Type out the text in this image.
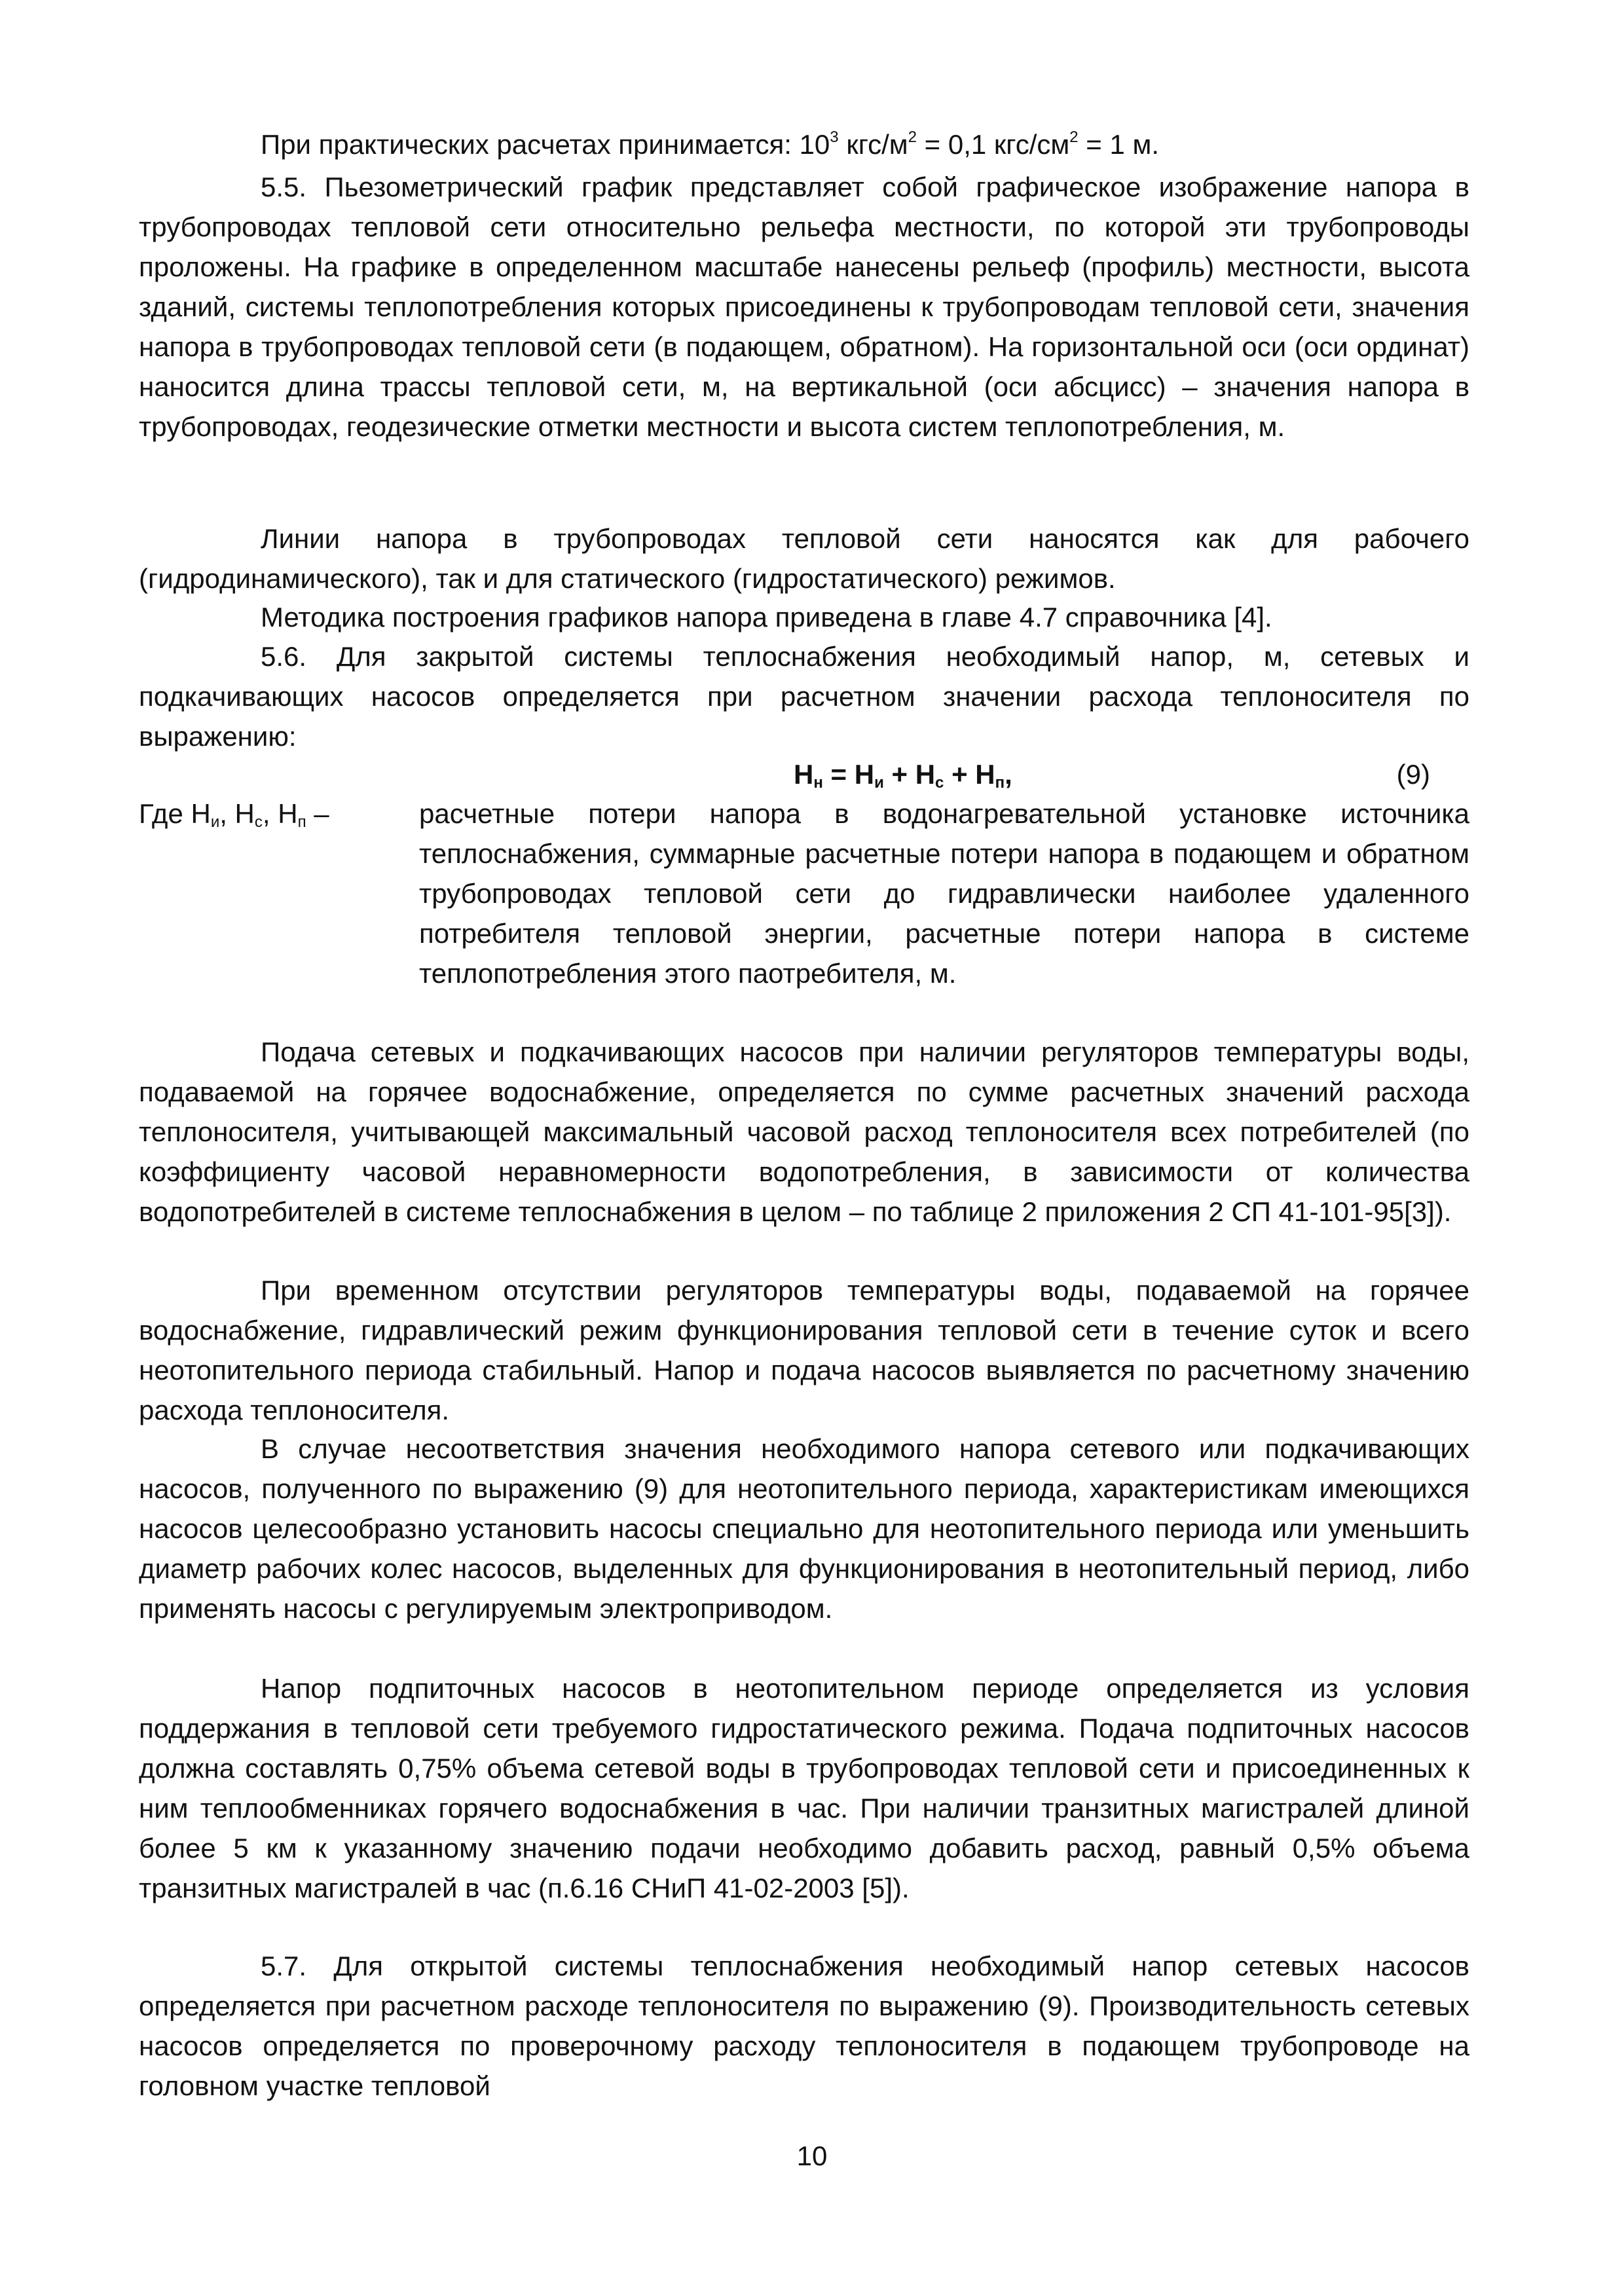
При практических расчетах принимается: $10^3$ кгс/$м^2 = 0,1$ кгс/$см^2 = 1$ м.
5.5. Пьезометрический график представляет собой графическое изображение напора в трубопроводах тепловой сети относительно рельефа местности, по которой эти трубопроводы проложены. На графике в определенном масштабе нанесены рельеф (профиль) местности, высота зданий, системы теплопотребления которых присоединены к трубопроводам тепловой сети, значения напора в трубопроводах тепловой сети (в подающем, обратном). На горизонтальной оси (оси ординат) наносится длина трассы тепловой сети, м, на вертикальной (оси абсцисс) – значения напора в трубопроводах, геодезические отметки местности и высота систем теплопотребления, м.
Линии напора в трубопроводах тепловой сети наносятся как для рабочего (гидродинамического), так и для статического (гидростатического) режимов.
Методика построения графиков напора приведена в главе 4.7 справочника [4].
5.6. Для закрытой системы теплоснабжения необходимый напор, м, сетевых и подкачивающих насосов определяется при расчетном значении расхода теплоносителя по выражению:
$H_н = H_и + H_с + H_п$,	(9)
Где $H_и$, $H_с$, $H_п$ –	расчетные потери напора в водонагревательной установке источника теплоснабжения, суммарные расчетные потери напора в подающем и обратном трубопроводах тепловой сети до гидравлически наиболее удаленного потребителя тепловой энергии, расчетные потери напора в системе теплопотребления этого паотребителя, м.
Подача сетевых и подкачивающих насосов при наличии регуляторов температуры воды, подаваемой на горячее водоснабжение, определяется по сумме расчетных значений расхода теплоносителя, учитывающей максимальный часовой расход теплоносителя всех потребителей (по коэффициенту часовой неравномерности водопотребления, в зависимости от количества водопотребителей в системе теплоснабжения в целом – по таблице 2 приложения 2 СП 41-101-95[3]).
При временном отсутствии регуляторов температуры воды, подаваемой на горячее водоснабжение, гидравлический режим функционирования тепловой сети в течение суток и всего неотопительного периода стабильный. Напор и подача насосов выявляется по расчетному значению расхода теплоносителя.
В случае несоответствия значения необходимого напора сетевого или подкачивающих насосов, полученного по выражению (9) для неотопительного периода, характеристикам имеющихся насосов целесообразно установить насосы специально для неотопительного периода или уменьшить диаметр рабочих колес насосов, выделенных для функционирования в неотопительный период, либо применять насосы с регулируемым электроприводом.
Напор подпиточных насосов в неотопительном периоде определяется из условия поддержания в тепловой сети требуемого гидростатического режима. Подача подпиточных насосов должна составлять 0,75% объема сетевой воды в трубопроводах тепловой сети и присоединенных к ним теплообменниках горячего водоснабжения в час. При наличии транзитных магистралей длиной более 5 км к указанному значению подачи необходимо добавить расход, равный 0,5% объема транзитных магистралей в час (п.6.16 СНиП 41-02-2003 [5]).
5.7. Для открытой системы теплоснабжения необходимый напор сетевых насосов определяется при расчетном расходе теплоносителя по выражению (9). Производительность сетевых насосов определяется по проверочному расходу теплоносителя в подающем трубопроводе на головном участке тепловой
10
